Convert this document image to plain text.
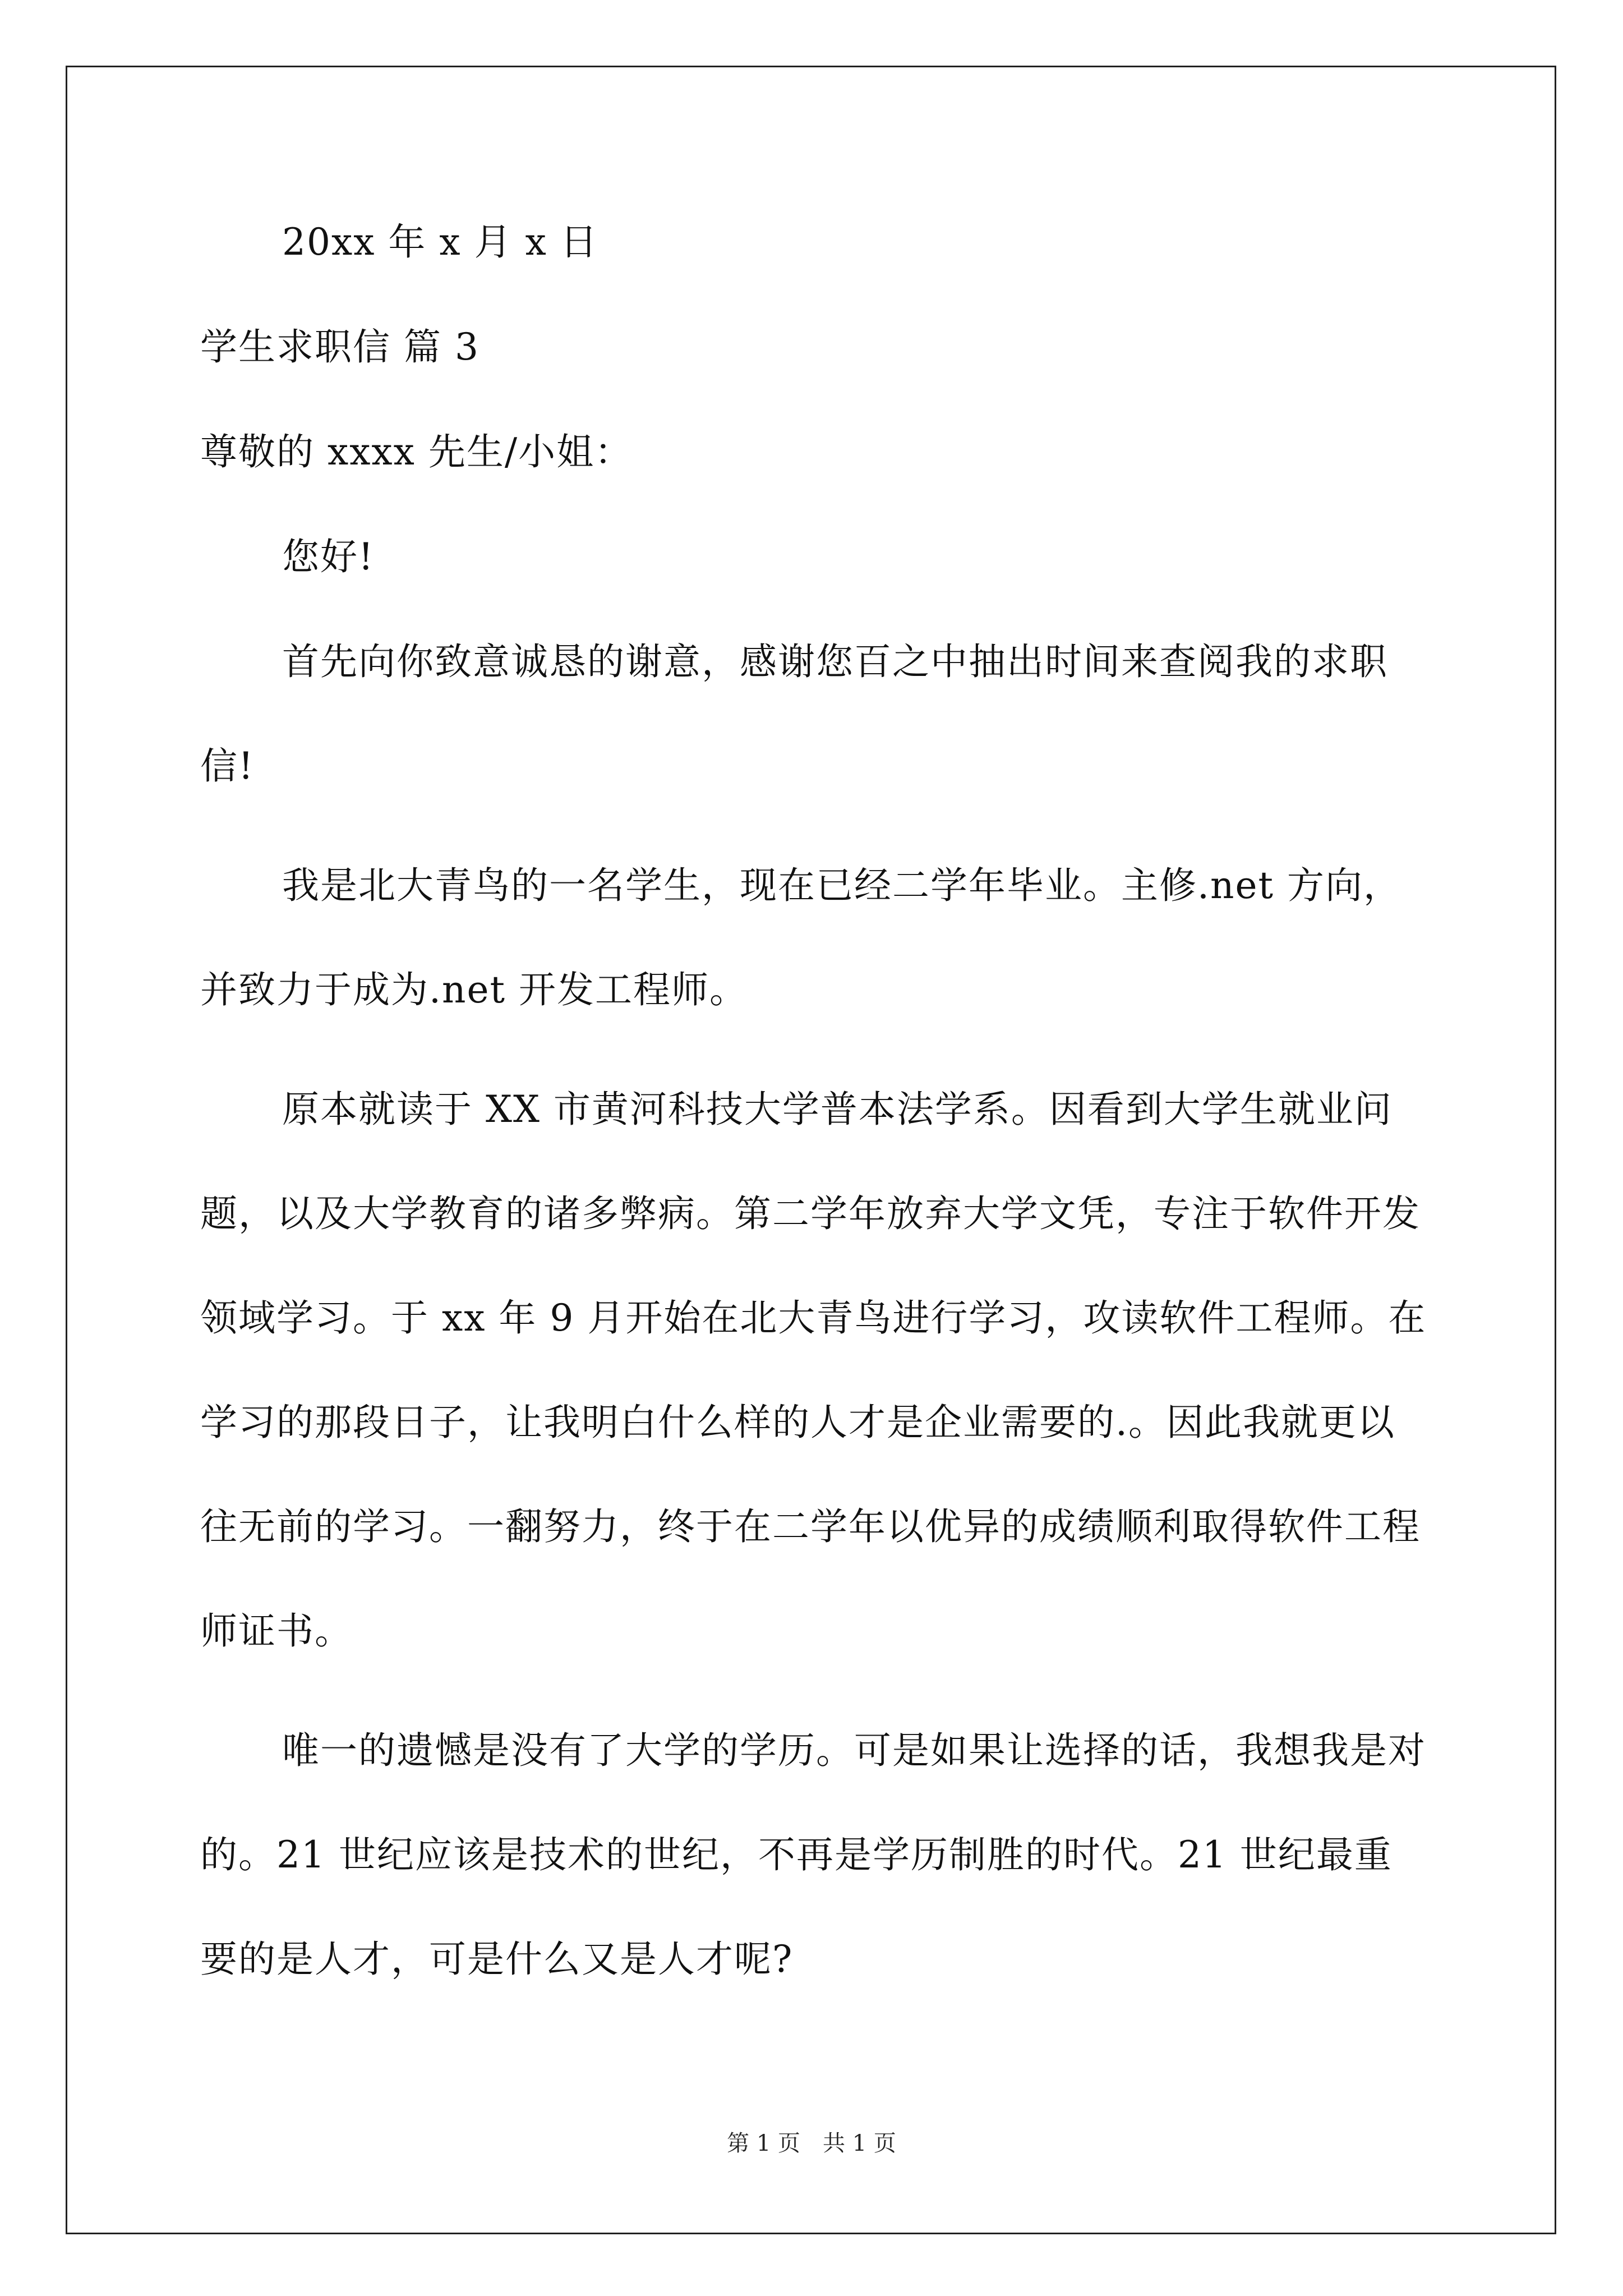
20xx 年 x 月 x 日
学生求职信 篇 3
尊敬的 xxxx 先生/小姐：
您好!
首先向你致意诚恳的谢意，感谢您百之中抽出时间来查阅我的求职信!
我是北大青鸟的一名学生，现在已经二学年毕业。主修.net 方向，并致力于成为.net 开发工程师。
原本就读于 XX 市黄河科技大学普本法学系。因看到大学生就业问题，以及大学教育的诸多弊病。第二学年放弃大学文凭，专注于软件开发领域学习。于 xx 年 9 月开始在北大青鸟进行学习，攻读软件工程师。在学习的那段日子，让我明白什么样的人才是企业需要的.。因此我就更以往无前的学习。一翻努力，终于在二学年以优异的成绩顺利取得软件工程师证书。
唯一的遗憾是没有了大学的学历。可是如果让选择的话，我想我是对的。21 世纪应该是技术的世纪，不再是学历制胜的时代。21 世纪最重要的是人才，可是什么又是人才呢?
第 1 页　共 1 页
